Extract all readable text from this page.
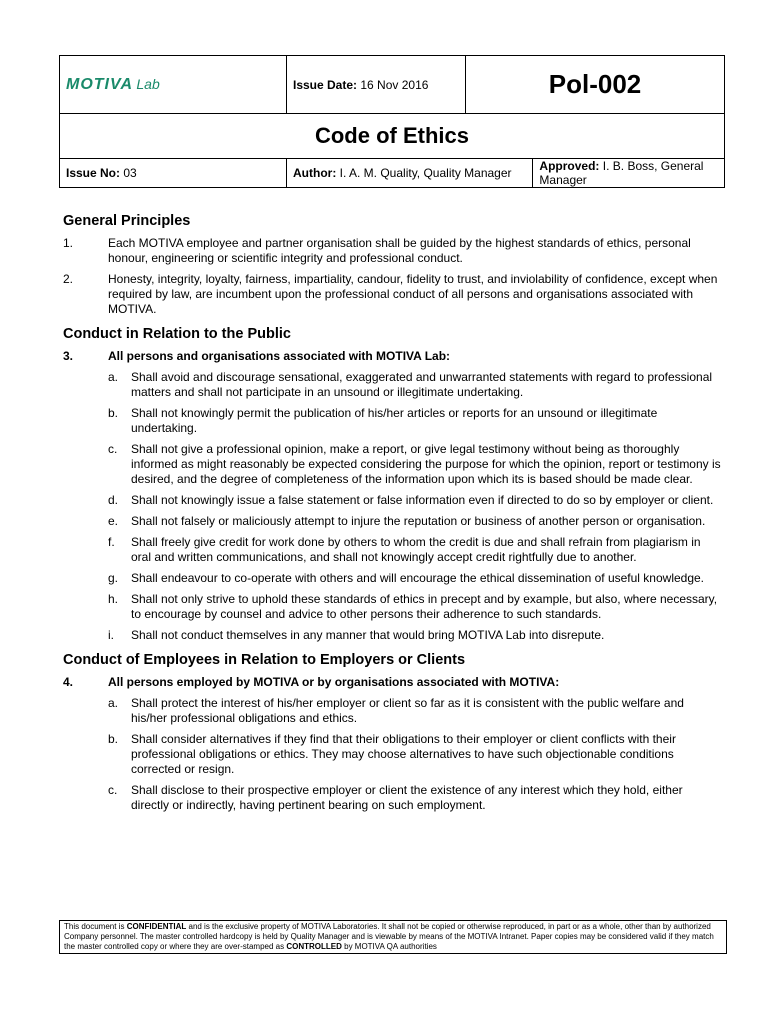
MOTIVA Lab	Issue Date: 16 Nov 2016	Pol-002	
Code of Ethics			
Issue No: 03	Author: I. A. M. Quality, Quality Manager		Approved: I. B. Boss, General Manager
General Principles
1.	Each MOTIVA employee and partner organisation shall be guided by the highest standards of ethics, personal honour, engineering or scientific integrity and professional conduct.
2.	Honesty, integrity, loyalty, fairness, impartiality, candour, fidelity to trust, and inviolability of confidence, except when required by law, are incumbent upon the professional conduct of all persons and organisations associated with MOTIVA.
Conduct in Relation to the Public
3.	All persons and organisations associated with MOTIVA Lab:
a.	Shall avoid and discourage sensational, exaggerated and unwarranted statements with regard to professional matters and shall not participate in an unsound or illegitimate undertaking.
b.	Shall not knowingly permit the publication of his/her articles or reports for an unsound or illegitimate undertaking.
c.	Shall not give a professional opinion, make a report, or give legal testimony without being as thoroughly informed as might reasonably be expected considering the purpose for which the opinion, report or testimony is desired, and the degree of completeness of the information upon which its is based should be made clear.
d.	Shall not knowingly issue a false statement or false information even if directed to do so by employer or client.
e.	Shall not falsely or maliciously attempt to injure the reputation or business of another person or organisation.
f.	Shall freely give credit for work done by others to whom the credit is due and shall refrain from plagiarism in oral and written communications, and shall not knowingly accept credit rightfully due to another.
g.	Shall endeavour to co-operate with others and will encourage the ethical dissemination of useful knowledge.
h.	Shall not only strive to uphold these standards of ethics in precept and by example, but also, where necessary, to encourage by counsel and advice to other persons their adherence to such standards.
i.	Shall not conduct themselves in any manner that would bring MOTIVA Lab into disrepute.
Conduct of Employees in Relation to Employers or Clients
4.	All persons employed by MOTIVA or by organisations associated with MOTIVA:
a.	Shall protect the interest of his/her employer or client so far as it is consistent with the public welfare and his/her professional obligations and ethics.
b.	Shall consider alternatives if they find that their obligations to their employer or client conflicts with their professional obligations or ethics. They may choose alternatives to have such objectionable conditions corrected or resign.
c.	Shall disclose to their prospective employer or client the existence of any interest which they hold, either directly or indirectly, having pertinent bearing on such employment.
This document is CONFIDENTIAL and is the exclusive property of MOTIVA Laboratories. It shall not be copied or otherwise reproduced, in part or as a whole, other than by authorized Company personnel. The master controlled hardcopy is held by Quality Manager and is viewable by means of the MOTIVA Intranet. Paper copies may be considered valid if they match the master controlled copy or where they are over-stamped as CONTROLLED by MOTIVA QA authorities
